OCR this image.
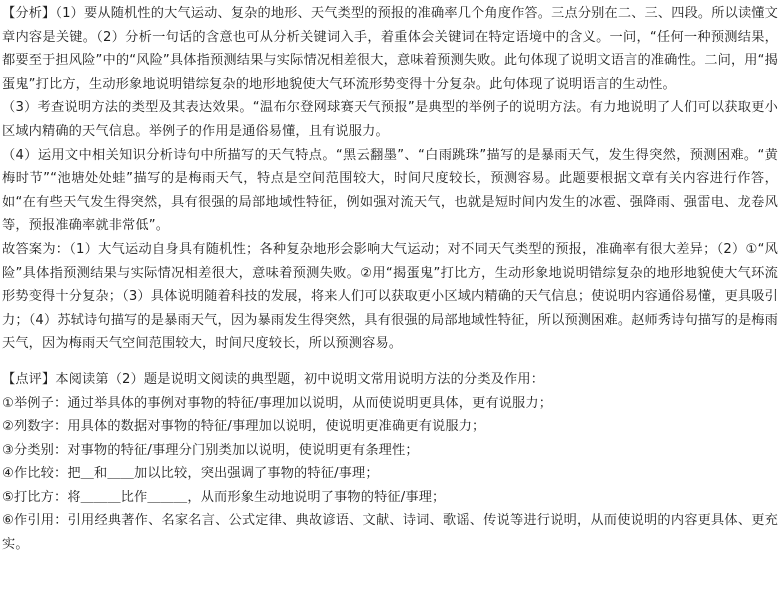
【分析】（1）要从随机性的大气运动、复杂的地形、天气类型的预报的准确率几个角度作答。三点分别在二、三、四段。所以读懂文章内容是关键。（2）分析一句话的含意也可从分析关键词入手，着重体会关键词在特定语境中的含义。一问，“任何一种预测结果，都要至于担风险”中的“风险”具体指预测结果与实际情况相差很大，意味着预测失败。此句体现了说明文语言的准确性。二问，用“揭蛋鬼”打比方，生动形象地说明错综复杂的地形地貌使大气环流形势变得十分复杂。此句体现了说明语言的生动性。

（3）考查说明方法的类型及其表达效果。“温布尔登网球赛天气预报”是典型的举例子的说明方法。有力地说明了人们可以获取更小区域内精确的天气信息。举例子的作用是通俗易懂，且有说服力。

（4）运用文中相关知识分析诗句中所描写的天气特点。“黑云翻墨”、“白雨跳珠”描写的是暴雨天气，发生得突然，预测困难。“黄梅时节”“池塘处处蛙”描写的是梅雨天气，特点是空间范围较大，时间尺度较长，预测容易。此题要根据文章有关内容进行作答，如“在有些天气发生得突然，具有很强的局部地域性特征，例如强对流天气，也就是短时间内发生的冰雹、强降雨、强雷电、龙卷风等，预报准确率就非常低”。

故答案为：（1）大气运动自身具有随机性；各种复杂地形会影响大气运动；对不同天气类型的预报，准确率有很大差异；（2）①“风险”具体指预测结果与实际情况相差很大，意味着预测失败。②用“揭蛋鬼”打比方，生动形象地说明错综复杂的地形地貌使大气环流形势变得十分复杂；（3）具体说明随着科技的发展，将来人们可以获取更小区域内精确的天气信息；使说明内容通俗易懂，更具吸引力；（4）苏轼诗句描写的是暴雨天气，因为暴雨发生得突然，具有很强的局部地域性特征，所以预测困难。赵师秀诗句描写的是梅雨天气，因为梅雨天气空间范围较大，时间尺度较长，所以预测容易。

【点评】本阅读第（2）题是说明文阅读的典型题，初中说明文常用说明方法的分类及作用：

①举例子：通过举具体的事例对事物的特征/事理加以说明，从而使说明更具体，更有说服力；

②列数字：用具体的数据对事物的特征/事理加以说明，使说明更准确更有说服力；

③分类别：对事物的特征/事理分门别类加以说明，使说明更有条理性；

④作比较：把＿和＿＿加以比较，突出强调了事物的特征/事理；

⑤打比方：将＿＿＿比作＿＿＿，从而形象生动地说明了事物的特征/事理；

⑥作引用：引用经典著作、名家名言、公式定律、典故谚语、文献、诗词、歌谣、传说等进行说明，从而使说明的内容更具体、更充实。
